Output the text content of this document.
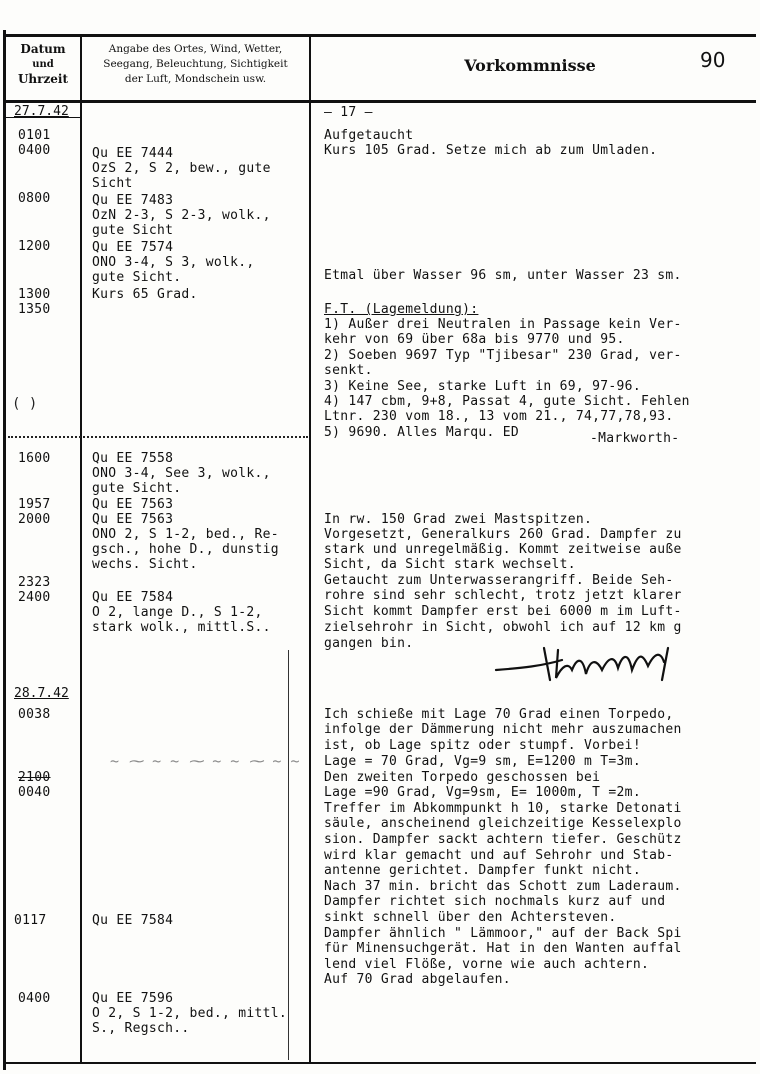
Datum
und
Uhrzeit
Angabe des Ortes, Wind, Wetter,
Seegang, Beleuchtung, Sichtigkeit
der Luft, Mondschein usw.
Vorkommnisse	90
27.7.42
28.7.42
0101
0400
0800
1200
1300
1350
1600
1957
2000
2323
2400
0038
2100
0040
0117
0400
Qu EE 7444
OzS 2, S 2, bew., gute
Sicht
Qu EE 7483
OzN 2-3, S 2-3, wolk.,
gute Sicht
Qu EE 7574
ONO 3-4, S 3, wolk.,
gute Sicht.
Kurs 65 Grad.
Qu EE 7558
ONO 3-4, See 3, wolk.,
gute Sicht.
Qu EE 7563
Qu EE 7563
ONO 2, S 1-2, bed., Re-
gsch., hohe D., dunstig
wechs. Sicht.
Qu EE 7584
O 2, lange D., S 1-2,
stark wolk., mittl.S..
Qu EE 7584
Qu EE 7596
O 2, S 1-2, bed., mittl.
S., Regsch..
~ ⁓ ~ ~ ⁓ ~ ~ ⁓ ~ ~
— 17 —
Aufgetaucht
Kurs 105 Grad. Setze mich ab zum Umladen.
Etmal über Wasser 96 sm, unter Wasser 23 sm.
F.T. (Lagemeldung):
1) Außer drei Neutralen in Passage kein Ver-
kehr von 69 über 68a bis 9770 und 95.
2) Soeben 9697 Typ "Tjibesar" 230 Grad, ver-
senkt.
3) Keine See, starke Luft in 69, 97-96.
4) 147 cbm, 9+8, Passat 4, gute Sicht. Fehlen
Ltnr. 230 vom 18., 13 vom 21., 74,77,78,93.
5) 9690. Alles Marqu. ED	-Markworth-
In rw. 150 Grad zwei Mastspitzen.
Vorgesetzt, Generalkurs 260 Grad. Dampfer zu
stark und unregelmäßig. Kommt zeitweise auße
Sicht, da Sicht stark wechselt.
Getaucht zum Unterwasserangriff. Beide Seh-
rohre sind sehr schlecht, trotz jetzt klarer
Sicht kommt Dampfer erst bei 6000 m im Luft-
zielsehrohr in Sicht, obwohl ich auf 12 km g
gangen bin.
Ich schieße mit Lage 70 Grad einen Torpedo,
infolge der Dämmerung nicht mehr auszumachen
ist, ob Lage spitz oder stumpf. Vorbei!
Lage = 70 Grad, Vg=9 sm, E=1200 m T=3m.
Den zweiten Torpedo geschossen bei
Lage =90 Grad, Vg=9sm, E= 1000m, T =2m.
Treffer im Abkommpunkt h 10, starke Detonati
säule, anscheinend gleichzeitige Kesselexplo
sion. Dampfer sackt achtern tiefer. Geschütz
wird klar gemacht und auf Sehrohr und Stab-
antenne gerichtet. Dampfer funkt nicht.
Nach 37 min. bricht das Schott zum Laderaum.
Dampfer richtet sich nochmals kurz auf und
sinkt schnell über den Achtersteven.
Dampfer ähnlich " Lämmoor," auf der Back Spi
für Minensuchgerät. Hat in den Wanten auffal
lend viel Flöße, vorne wie auch achtern.
Auf 70 Grad abgelaufen.
( )
